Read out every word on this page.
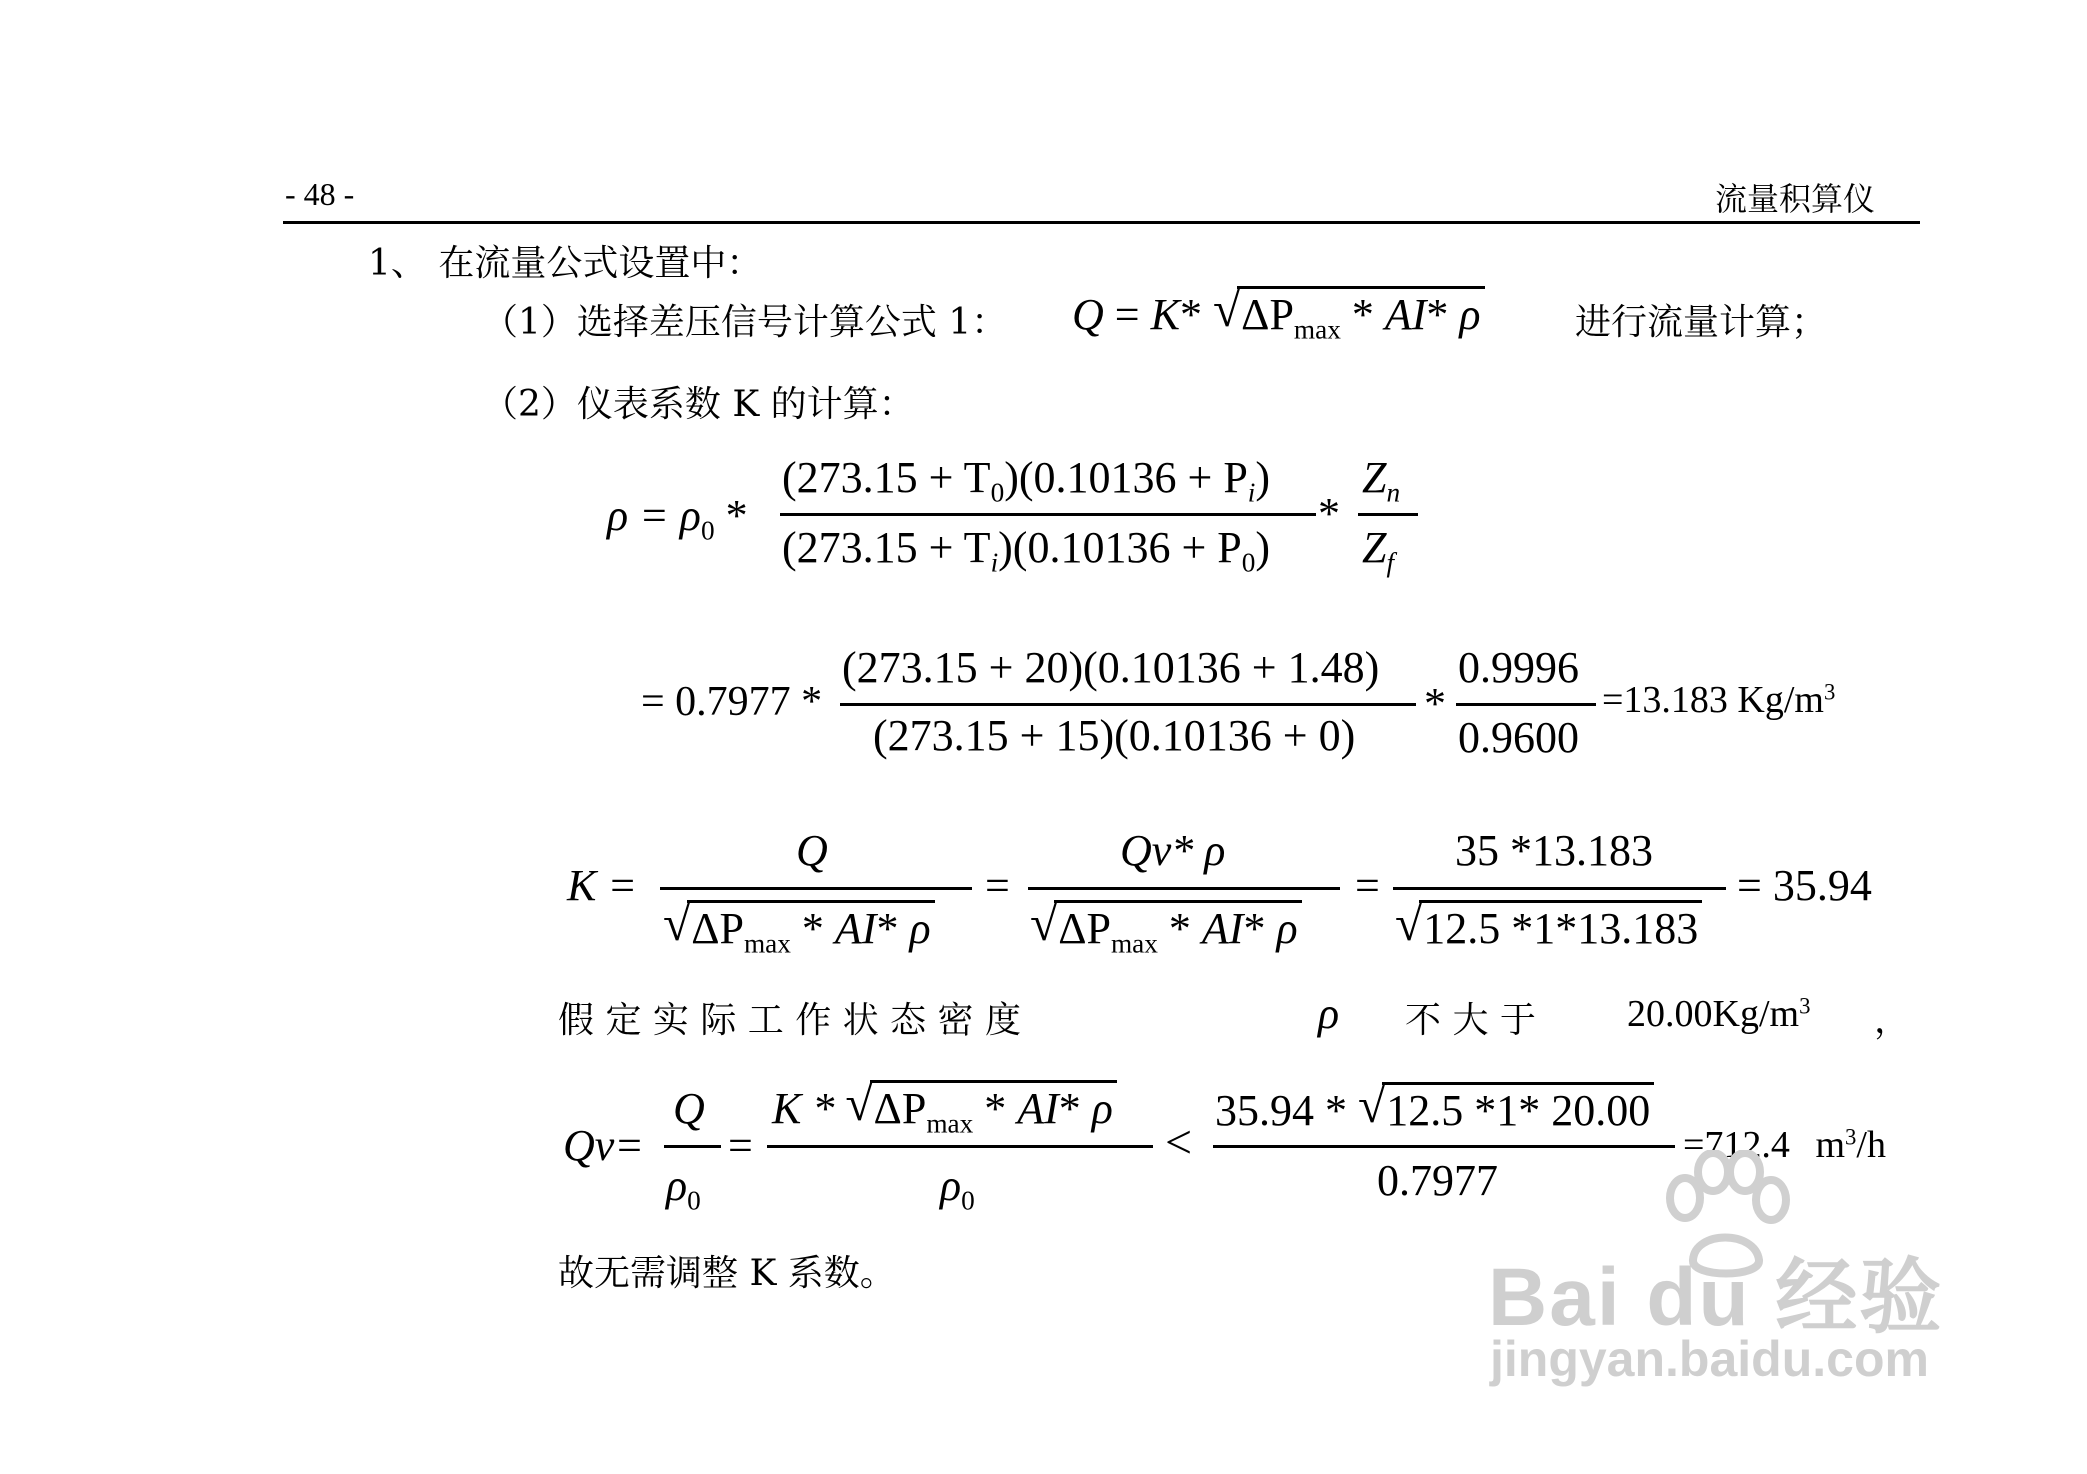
- 48 -	流量积算仪
1、 在流量公式设置中：
（1）选择差压信号计算公式 1： Q = K* √ $\Delta P_{max} * AI*$ ρ	进行流量计算；
（2）仪表系数 K 的计算：
$\rho = \rho_0$ *
$(273.15 + T_0)(0.10136 + P_i)$
$(273.15 + T_i)(0.10136 + P_0)$
*
$Z_n$
$Z_f$
= 0.7977 *
(273.15 + 20)(0.10136 + 1.48)
(273.15 + 15)(0.10136 + 0)
*
0.9996
0.9600
=13.183 $Kg/m^3$
K =
Q
√ $\Delta P_{max} * AI*$ ρ
=
Qv* ρ
√ $\Delta P_{max} * AI*$ ρ
=
35 *13.183
√ 12.5 *1*13.183
= 35.94
假 定 实 际 工 作 状 态 密 度	ρ 不 大 于 $20.00Kg/m^3$ ，
Qv=
Q
$\rho_0$
=
K * √ $\Delta P_{max} * AI*$ ρ
$\rho_0$
<
35.94 * √ 12.5 *1* 20.00
0.7977
=712.4 $m^3/h$
故无需调整 K 系数。	Bai du 经验
jingyan.baidu.com
